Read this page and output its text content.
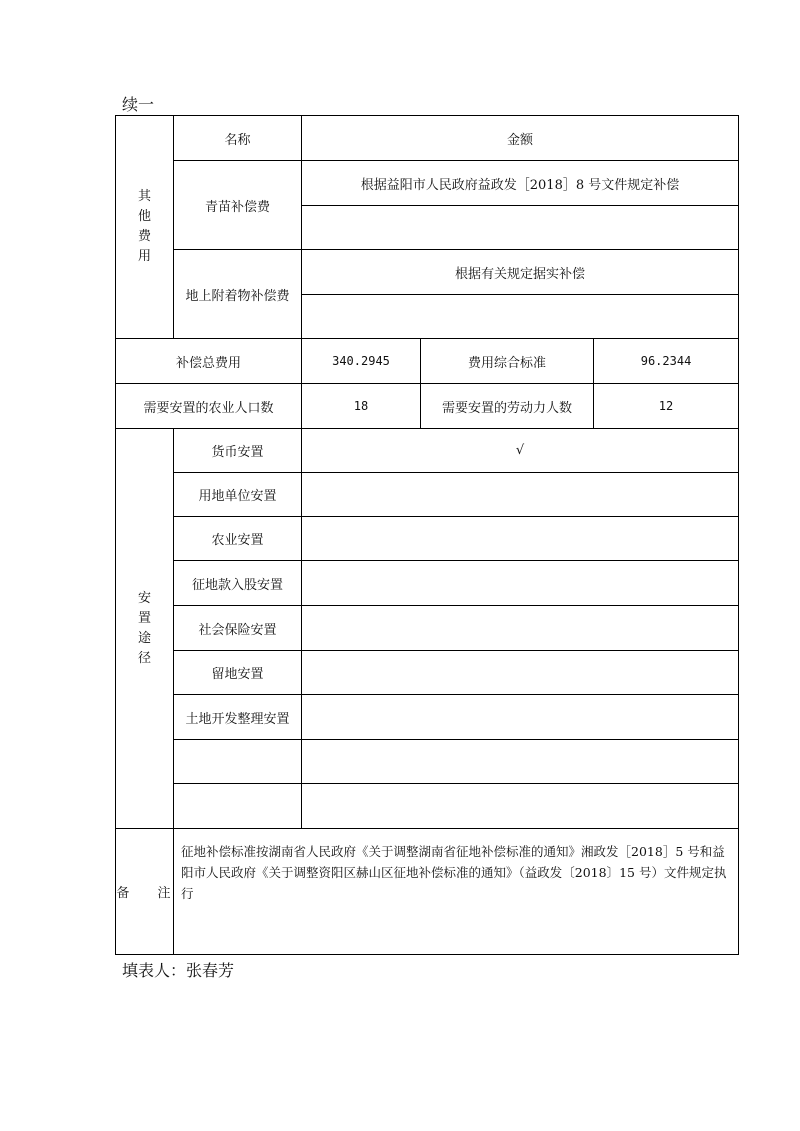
续一
其
他
费
用	名称	金额		
	青苗补偿费	根据益阳市人民政府益政发［2018］8 号文件规定补偿		

	地上附着物补偿费	根据有关规定据实补偿		

补偿总费用		340.2945	费用综合标准	96.2344
需要安置的农业人口数		18	需要安置的劳动力人数	12
安
置
途
径	货币安置	√		
	用地单位安置			
	农业安置			
	征地款入股安置			
	社会保险安置			
	留地安置			
	土地开发整理安置			

备 注	征地补偿标准按湖南省人民政府《关于调整湖南省征地补偿标准的通知》湘政发［2018］5 号和益阳市人民政府《关于调整资阳区赫山区征地补偿标准的通知》（益政发〔2018〕15 号）文件规定执行			
填表人：张春芳
